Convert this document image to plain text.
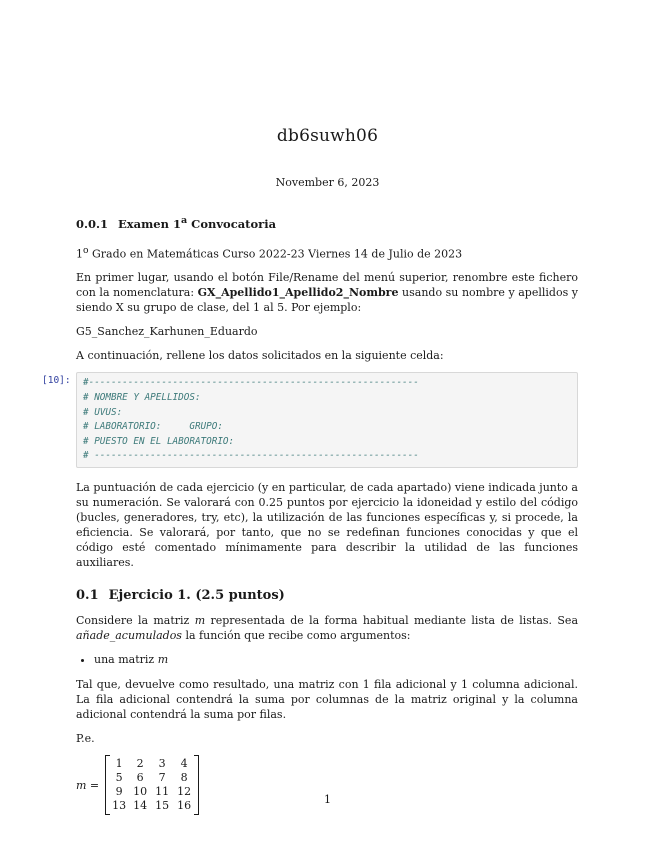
db6suwh06
November 6, 2023
0.0.1 Examen 1$^a$ Convocatoria

1$^o$ Grado en Matemáticas Curso 2022-23 Viernes 14 de Julio de 2023

En primer lugar, usando el botón File/Rename del menú superior, renombre este fichero con la nomenclatura: GX_Apellido1_Apellido2_Nombre usando su nombre y apellidos y siendo X su grupo de clase, del 1 al 5. Por ejemplo:

G5_Sanchez_Karhunen_Eduardo

A continuación, rellene los datos solicitados en la siguiente celda:

[10]: #-----------------------------------------------------------
# NOMBRE Y APELLIDOS:
# UVUS:
# LABORATORIO:     GRUPO:
# PUESTO EN EL LABORATORIO:
# ----------------------------------------------------------

La puntuación de cada ejercicio (y en particular, de cada apartado) viene indicada junto a su numeración. Se valorará con 0.25 puntos por ejercicio la idoneidad y estilo del código (bucles, generadores, try, etc), la utilización de las funciones específicas y, si procede, la eficiencia. Se valorará, por tanto, que no se redefinan funciones conocidas y que el código esté comentado mínimamente para describir la utilidad de las funciones auxiliares.

0.1 Ejercicio 1. (2.5 puntos)

Considere la matriz m representada de la forma habitual mediante lista de listas. Sea añade_acumulados la función que recibe como argumentos:

• una matriz m

Tal que, devuelve como resultado, una matriz con 1 fila adicional y 1 columna adicional. La fila adicional contendrá la suma por columnas de la matriz original y la columna adicional contendrá la suma por filas.

P.e.

m =
1	2	3	4
5	6	7	8
9 10 11 12
13 14 15 16	1
